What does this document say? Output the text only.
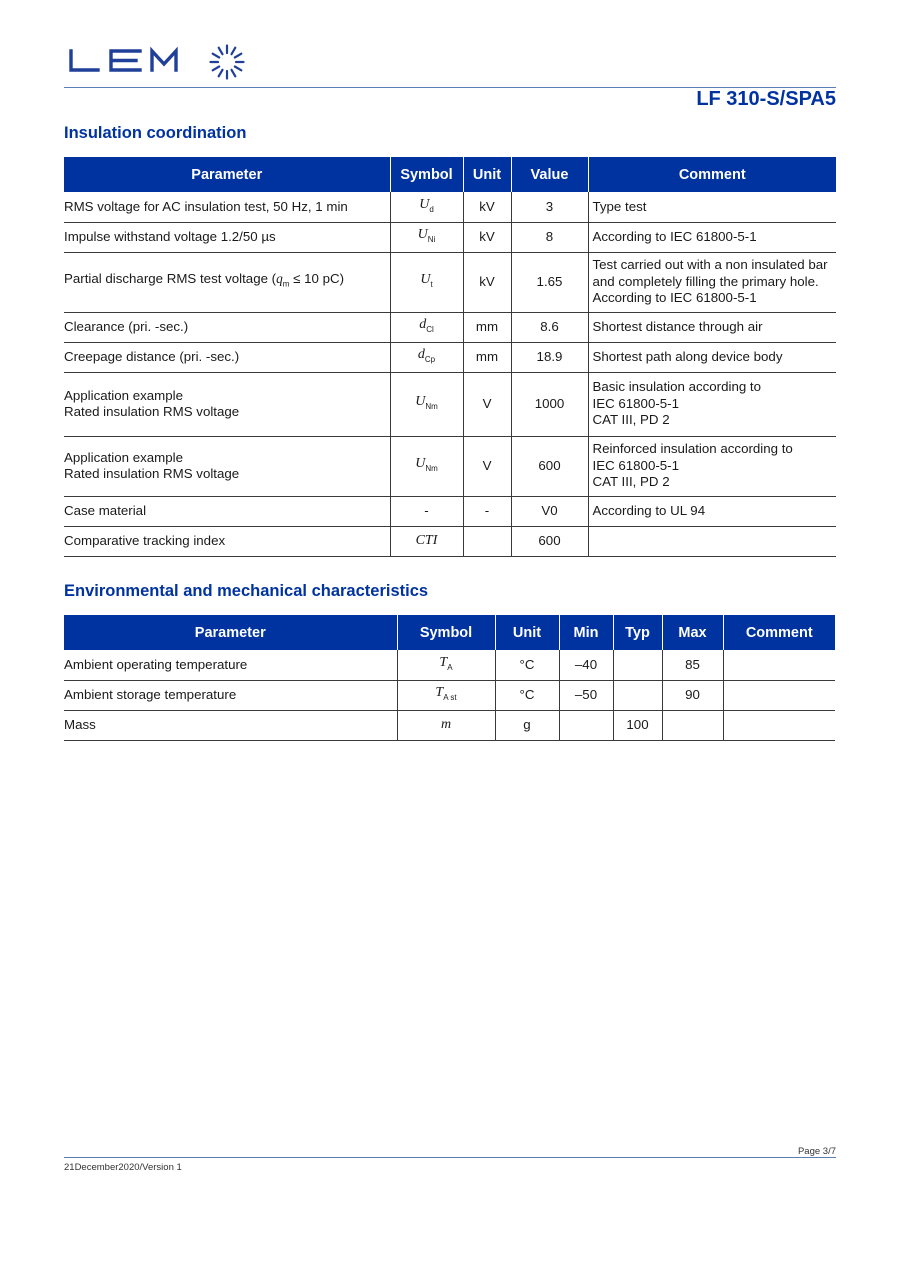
LF 310-S/SPA5
Insulation coordination
Parameter	Symbol	Unit	Value	Comment
RMS voltage for AC insulation test, 50 Hz, 1 min	$U_d$	kV	3	Type test
Impulse withstand voltage 1.2/50 µs	$U_{Ni}$	kV	8	According to IEC 61800-5-1
Partial discharge RMS test voltage ($q_m \le 10$ pC)	$U_t$	kV	1.65	Test carried out with a non insulated bar
and completely filling the primary hole.
According to IEC 61800-5-1
Clearance (pri. -sec.)	$d_{Cl}$	mm	8.6	Shortest distance through air
Creepage distance (pri. -sec.)	$d_{Cp}$	mm	18.9	Shortest path along device body
Application example
Rated insulation RMS voltage	$U_{Nm}$	V	1000	Basic insulation according to
IEC 61800-5-1
CAT III, PD 2
Application example
Rated insulation RMS voltage	$U_{Nm}$	V	600	Reinforced insulation according to
IEC 61800-5-1
CAT III, PD 2
Case material	-	-	V0	According to UL 94
Comparative tracking index	CTI		600	
Environmental and mechanical characteristics
Parameter	Symbol	Unit	Min	Typ	Max	Comment
Ambient operating temperature	$T_A$	°C	–40		85	
Ambient storage temperature	$T_{A st}$	°C	–50		90	
Mass	m	g		100		
Page 3/7
21December2020/Version 1
